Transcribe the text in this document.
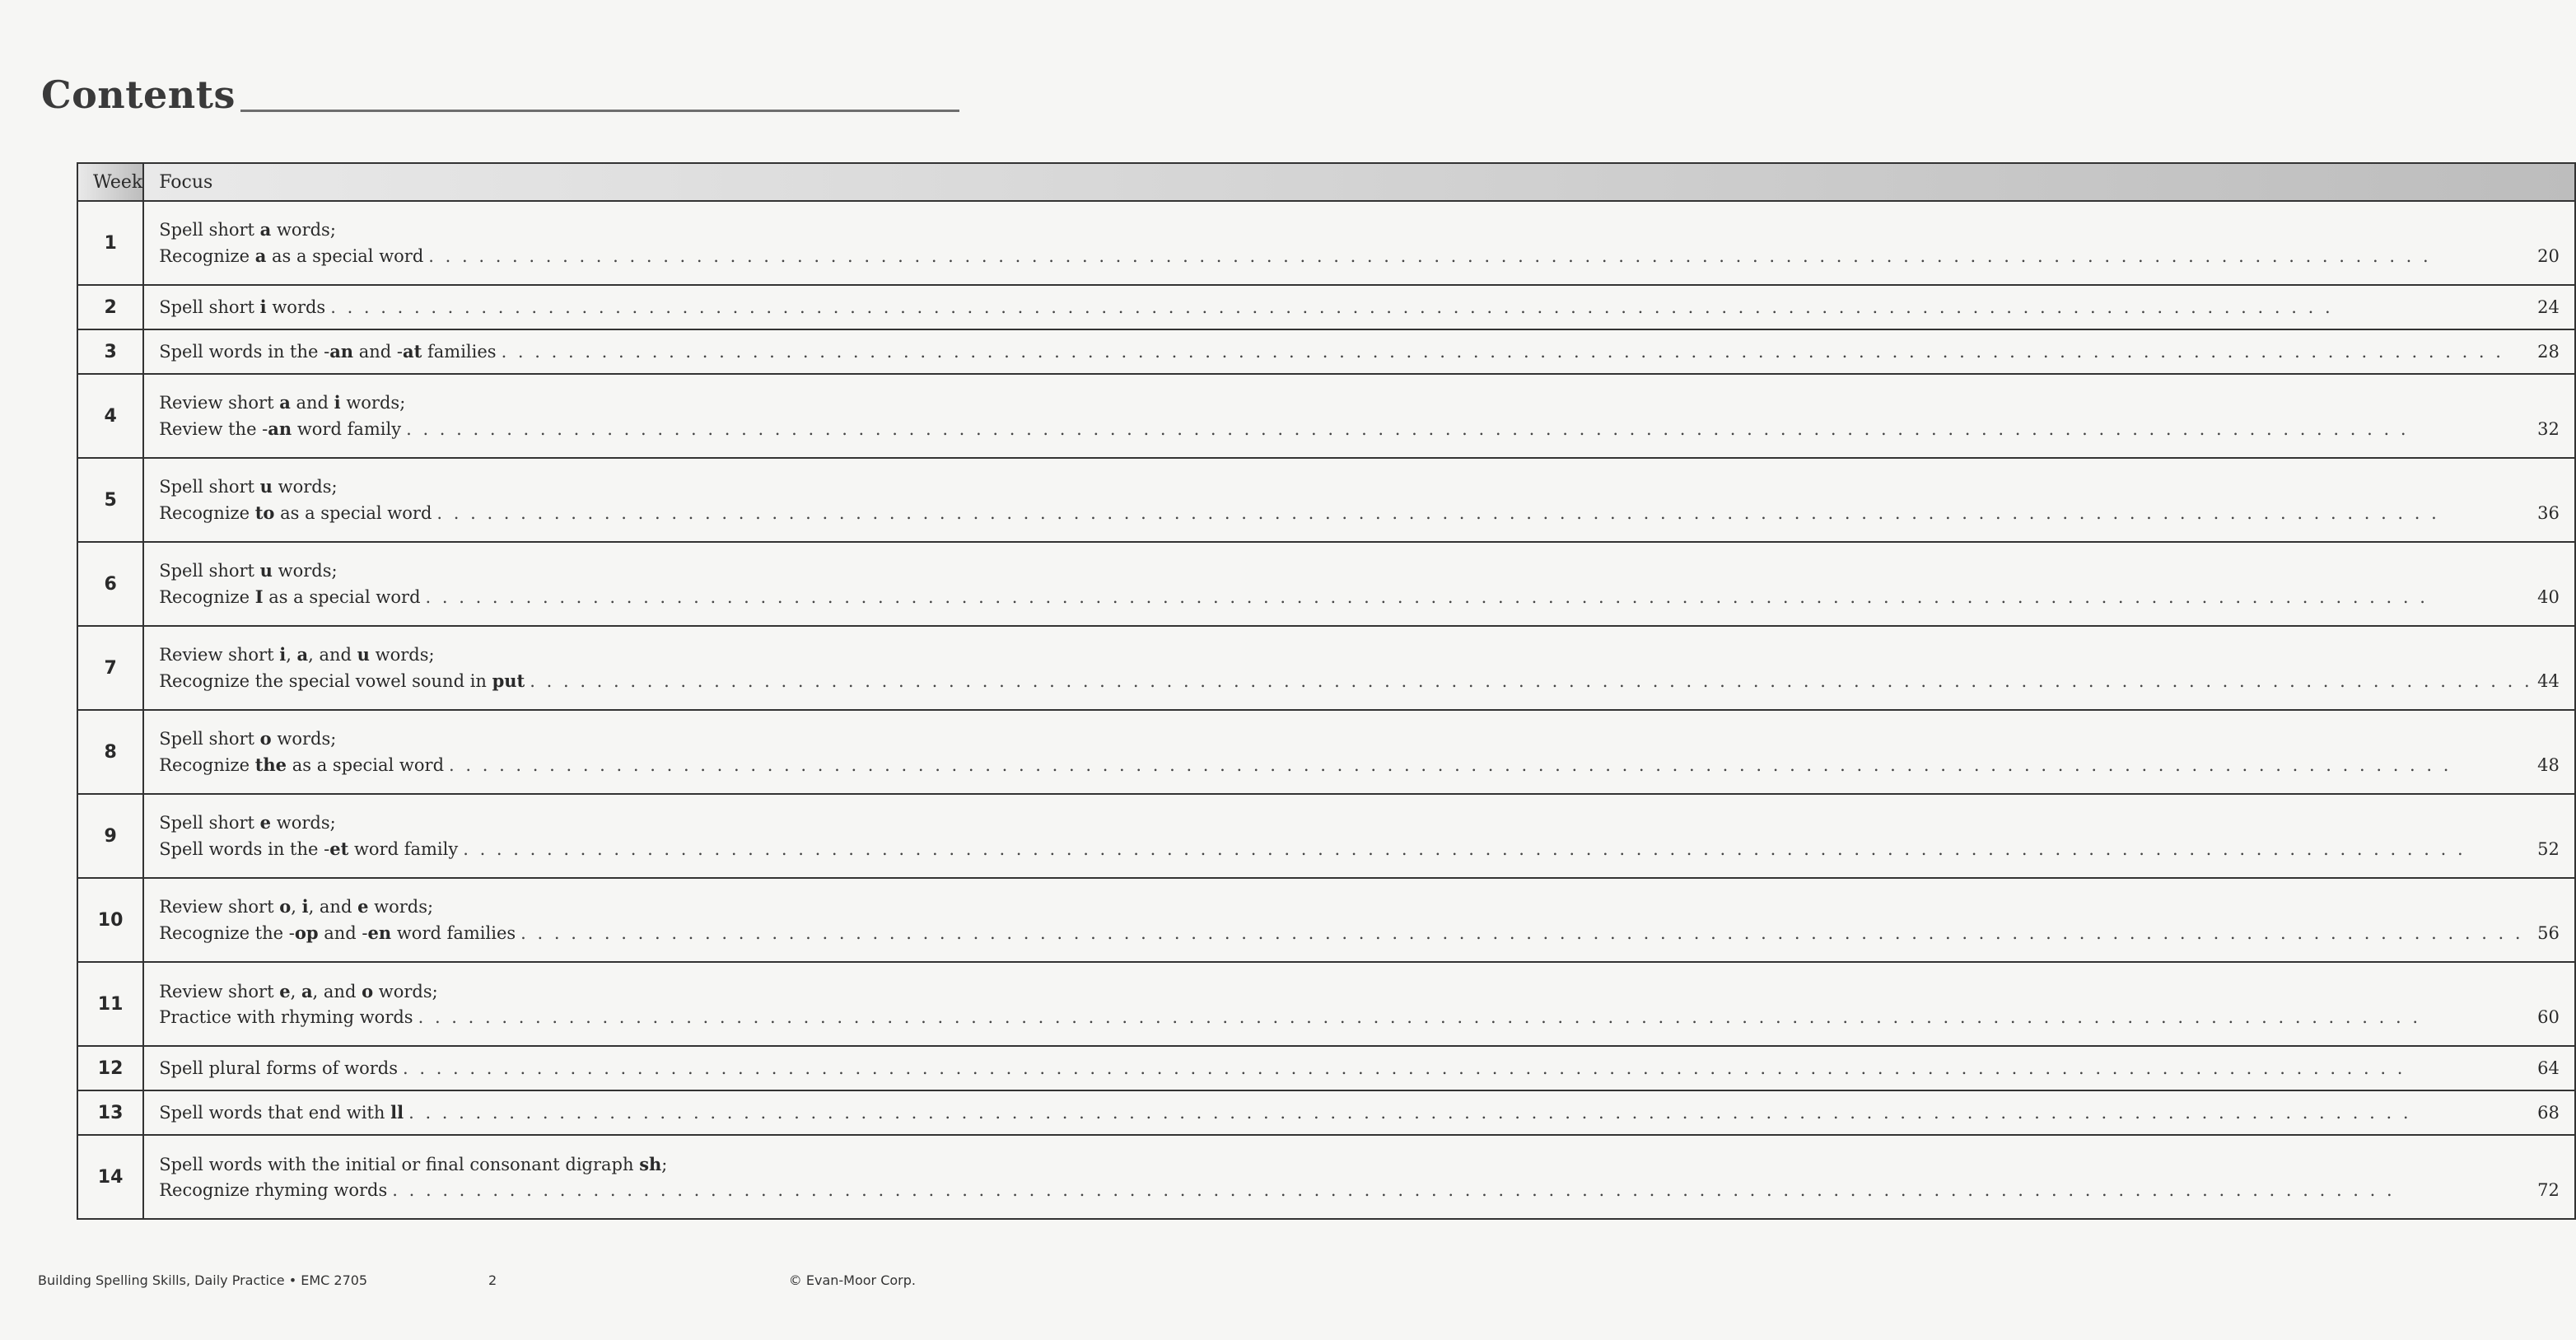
Contents
Week	Focus
1	Spell short a words;
Recognize a as a special word . . . . . . . . . . . . . . . . . . . . . . . . . . . . . . . . . . . . . . . . . . . . . . . . . . . . . . . . . . . . . . . . . . . . . . . . . . . . . . . . . . . . . . . . . . . . . . . . . . . . . . . . . . . . . . . . . . . . . . . . 20

2	Spell short i words . . . . . . . . . . . . . . . . . . . . . . . . . . . . . . . . . . . . . . . . . . . . . . . . . . . . . . . . . . . . . . . . . . . . . . . . . . . . . . . . . . . . . . . . . . . . . . . . . . . . . . . . . . . . . . . . . . . . . . . . 24

3	Spell words in the -an and -at families . . . . . . . . . . . . . . . . . . . . . . . . . . . . . . . . . . . . . . . . . . . . . . . . . . . . . . . . . . . . . . . . . . . . . . . . . . . . . . . . . . . . . . . . . . . . . . . . . . . . . . . . . . . . . . . . . . . . . . . . 28

4	Review short a and i words;
Review the -an word family . . . . . . . . . . . . . . . . . . . . . . . . . . . . . . . . . . . . . . . . . . . . . . . . . . . . . . . . . . . . . . . . . . . . . . . . . . . . . . . . . . . . . . . . . . . . . . . . . . . . . . . . . . . . . . . . . . . . . . . . 32

5	Spell short u words;
Recognize to as a special word . . . . . . . . . . . . . . . . . . . . . . . . . . . . . . . . . . . . . . . . . . . . . . . . . . . . . . . . . . . . . . . . . . . . . . . . . . . . . . . . . . . . . . . . . . . . . . . . . . . . . . . . . . . . . . . . . . . . . . . . 36

6	Spell short u words;
Recognize I as a special word . . . . . . . . . . . . . . . . . . . . . . . . . . . . . . . . . . . . . . . . . . . . . . . . . . . . . . . . . . . . . . . . . . . . . . . . . . . . . . . . . . . . . . . . . . . . . . . . . . . . . . . . . . . . . . . . . . . . . . . . 40

7	Review short i, a, and u words;
Recognize the special vowel sound in put . . . . . . . . . . . . . . . . . . . . . . . . . . . . . . . . . . . . . . . . . . . . . . . . . . . . . . . . . . . . . . . . . . . . . . . . . . . . . . . . . . . . . . . . . . . . . . . . . . . . . . . . . . . . . . . . . . . . . . . . 44

8	Spell short o words;
Recognize the as a special word . . . . . . . . . . . . . . . . . . . . . . . . . . . . . . . . . . . . . . . . . . . . . . . . . . . . . . . . . . . . . . . . . . . . . . . . . . . . . . . . . . . . . . . . . . . . . . . . . . . . . . . . . . . . . . . . . . . . . . . . 48

9	Spell short e words;
Spell words in the -et word family . . . . . . . . . . . . . . . . . . . . . . . . . . . . . . . . . . . . . . . . . . . . . . . . . . . . . . . . . . . . . . . . . . . . . . . . . . . . . . . . . . . . . . . . . . . . . . . . . . . . . . . . . . . . . . . . . . . . . . . . 52

10	Review short o, i, and e words;
Recognize the -op and -en word families . . . . . . . . . . . . . . . . . . . . . . . . . . . . . . . . . . . . . . . . . . . . . . . . . . . . . . . . . . . . . . . . . . . . . . . . . . . . . . . . . . . . . . . . . . . . . . . . . . . . . . . . . . . . . . . . . . . . . . . . 56

11	Review short e, a, and o words;
Practice with rhyming words . . . . . . . . . . . . . . . . . . . . . . . . . . . . . . . . . . . . . . . . . . . . . . . . . . . . . . . . . . . . . . . . . . . . . . . . . . . . . . . . . . . . . . . . . . . . . . . . . . . . . . . . . . . . . . . . . . . . . . . . 60

12	Spell plural forms of words . . . . . . . . . . . . . . . . . . . . . . . . . . . . . . . . . . . . . . . . . . . . . . . . . . . . . . . . . . . . . . . . . . . . . . . . . . . . . . . . . . . . . . . . . . . . . . . . . . . . . . . . . . . . . . . . . . . . . . . . 64

13	Spell words that end with ll . . . . . . . . . . . . . . . . . . . . . . . . . . . . . . . . . . . . . . . . . . . . . . . . . . . . . . . . . . . . . . . . . . . . . . . . . . . . . . . . . . . . . . . . . . . . . . . . . . . . . . . . . . . . . . . . . . . . . . . . 68

14	Spell words with the initial or final consonant digraph sh;
Recognize rhyming words . . . . . . . . . . . . . . . . . . . . . . . . . . . . . . . . . . . . . . . . . . . . . . . . . . . . . . . . . . . . . . . . . . . . . . . . . . . . . . . . . . . . . . . . . . . . . . . . . . . . . . . . . . . . . . . . . . . . . . . . 72
Building Spelling Skills, Daily Practice • EMC 2705	2	© Evan-Moor Corp.
